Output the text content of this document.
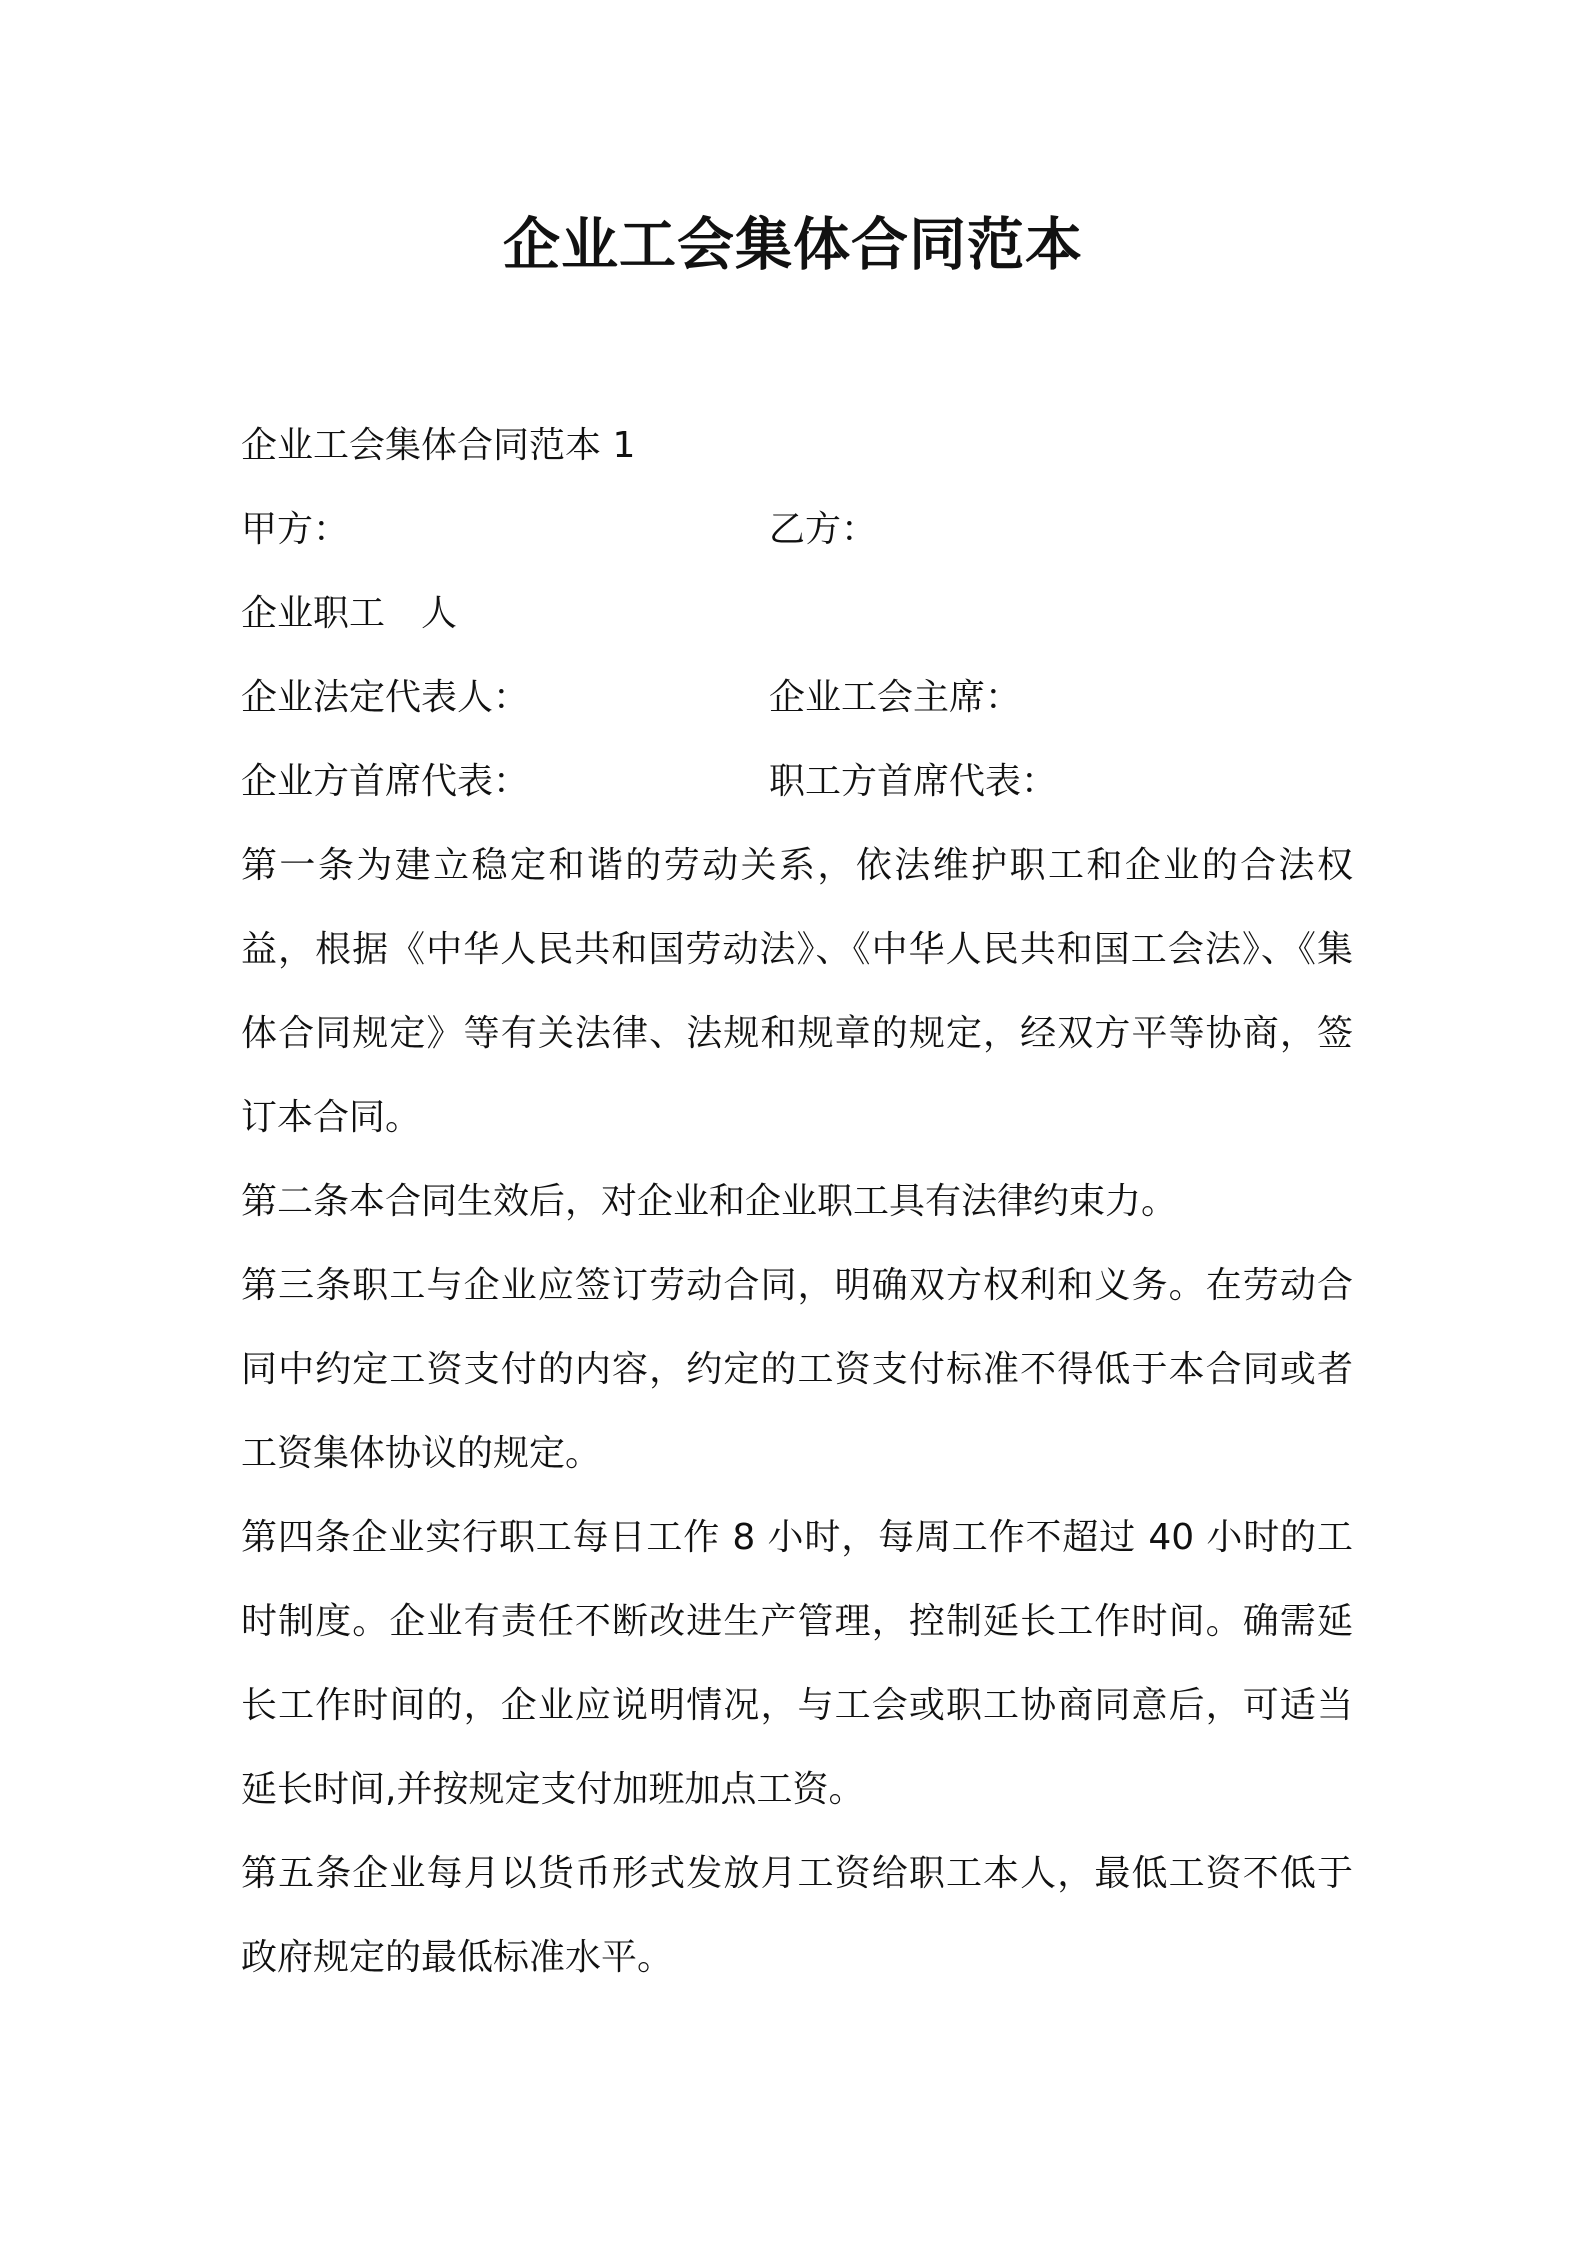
企业工会集体合同范本

企业工会集体合同范本 1

甲方：	乙方：

企业职工 人

企业法定代表人：	企业工会主席：
企业方首席代表：	职工方首席代表：

第一条为建立稳定和谐的劳动关系，依法维护职工和企业的合法权益，根据《中华人民共和国劳动法》、《中华人民共和国工会法》、《集体合同规定》等有关法律、法规和规章的规定，经双方平等协商，签订本合同。

第二条本合同生效后，对企业和企业职工具有法律约束力。

第三条职工与企业应签订劳动合同，明确双方权利和义务。在劳动合同中约定工资支付的内容，约定的工资支付标准不得低于本合同或者工资集体协议的规定。

第四条企业实行职工每日工作 8 小时，每周工作不超过 40 小时的工时制度。企业有责任不断改进生产管理，控制延长工作时间。确需延长工作时间的，企业应说明情况，与工会或职工协商同意后，可适当延长时间,并按规定支付加班加点工资。

第五条企业每月以货币形式发放月工资给职工本人，最低工资不低于政府规定的最低标准水平。
